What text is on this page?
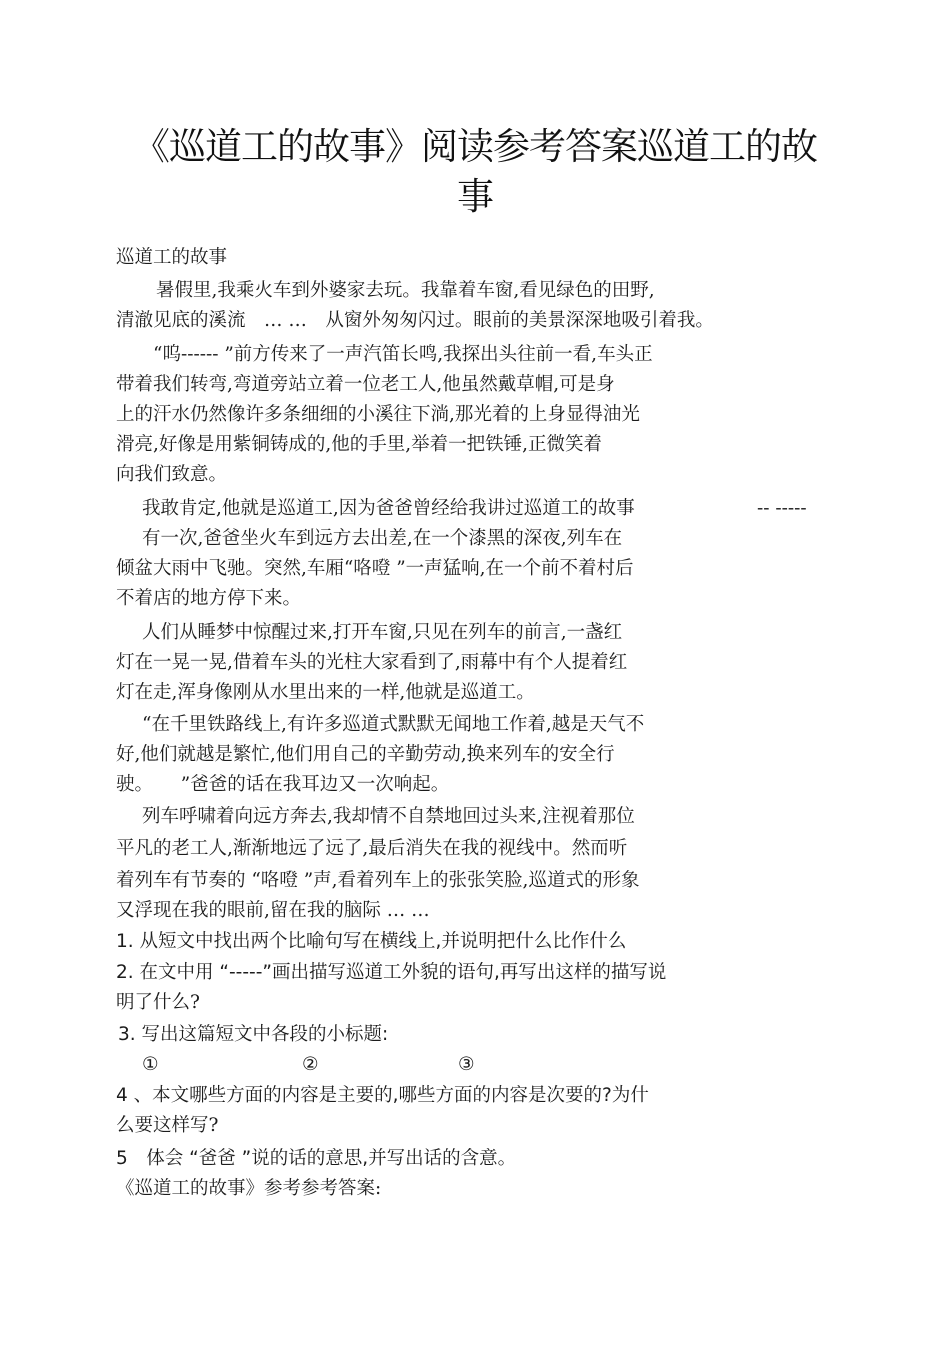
《巡道工的故事》阅读参考答案巡道工的故
事
巡道工的故事
暑假里,我乘火车到外婆家去玩。我靠着车窗,看见绿色的田野,
清澈见底的溪流　… …　从窗外匆匆闪过。眼前的美景深深地吸引着我。
“呜------ ”前方传来了一声汽笛长鸣,我探出头往前一看,车头正
带着我们转弯,弯道旁站立着一位老工人,他虽然戴草帽,可是身
上的汗水仍然像许多条细细的小溪往下淌,那光着的上身显得油光
滑亮,好像是用紫铜铸成的,他的手里,举着一把铁锤,正微笑着
向我们致意。
我敢肯定,他就是巡道工,因为爸爸曾经给我讲过巡道工的故事	-- -----
有一次,爸爸坐火车到远方去出差,在一个漆黑的深夜,列车在
倾盆大雨中飞驰。突然,车厢“咯噔 ”一声猛响,在一个前不着村后
不着店的地方停下来。
人们从睡梦中惊醒过来,打开车窗,只见在列车的前言,一盏红
灯在一晃一晃,借着车头的光柱大家看到了,雨幕中有个人提着红
灯在走,浑身像刚从水里出来的一样,他就是巡道工。
“在千里铁路线上,有许多巡道式默默无闻地工作着,越是天气不
好,他们就越是繁忙,他们用自己的辛勤劳动,换来列车的安全行
驶。　　”爸爸的话在我耳边又一次响起。
列车呼啸着向远方奔去,我却情不自禁地回过头来,注视着那位
平凡的老工人,渐渐地远了远了,最后消失在我的视线中。然而听
着列车有节奏的 “咯噔 ”声,看着列车上的张张笑脸,巡道式的形象
又浮现在我的眼前,留在我的脑际 … …
1. 从短文中找出两个比喻句写在横线上,并说明把什么比作什么
2. 在文中用 “-----”画出描写巡道工外貌的语句,再写出这样的描写说
明了什么?
3. 写出这篇短文中各段的小标题:
①	②	③
4 、本文哪些方面的内容是主要的,哪些方面的内容是次要的?为什
么要这样写?
5　体会 “爸爸 ”说的话的意思,并写出话的含意。
《巡道工的故事》参考参考答案:
